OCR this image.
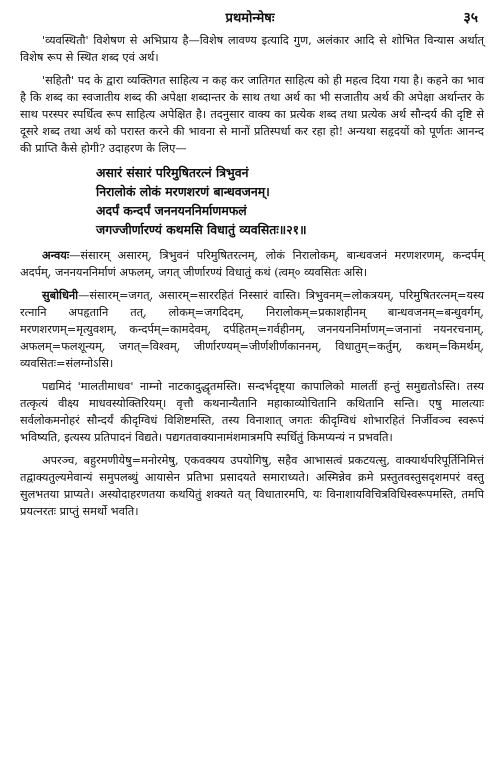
प्रथमोन्मेषः	३५

'व्यवस्थितौ' विशेषण से अभिप्राय है—विशेष लावण्य इत्यादि गुण, अलंकार आदि से शोभित विन्यास अर्थात् विशेष रूप से स्थित शब्द एवं अर्थ।

'सहितौ' पद के द्वारा व्यक्तिगत साहित्य न कह कर जातिगत साहित्य को ही महत्व दिया गया है। कहने का भाव है कि शब्द का स्वजातीय शब्द की अपेक्षा शब्दान्तर के साथ तथा अर्थ का भी सजातीय अर्थ की अपेक्षा अर्थान्तर के साथ परस्पर स्पर्धित्व रूप साहित्य अपेक्षित है। तदनुसार वाक्य का प्रत्येक शब्द तथा प्रत्येक अर्थ सौन्दर्य की दृष्टि से दूसरे शब्द तथा अर्थ को परास्त करने की भावना से मानों प्रतिस्पर्धा कर रहा हो! अन्यथा सहृदयों को पूर्णतः आनन्द की प्राप्ति कैसे होगी? उदाहरण के लिए—

असारं संसारं परिमुषितरत्नं त्रिभुवनं
निरालोकं लोकं मरणशरणं बान्धवजनम्।
अदर्पं कन्दर्पं जननयननिर्माणमफलं
जगज्जीर्णारण्यं कथमसि विधातुं व्यवसितः॥२१॥

अन्वयः—संसारम् असारम्, त्रिभुवनं परिमुषितरत्नम्, लोकं निरालोकम्, बान्धवजनं मरणशरणम्, कन्दर्पम् अदर्पम्, जननयननिर्माणं अफलम्, जगत् जीर्णारण्यं विधातुं कथं (त्वम्० व्यवसितः असि।

सुबोधिनी—संसारम्=जगत्, असारम्=साररहितं निस्सारं वास्ति। त्रिभुवनम्=लोकत्रयम्, परिमुषितरत्नम्=यस्य रत्नानि अपहृतानि तत्, लोकम्=जगदिदम्, निरालोकम्=प्रकाशहीनम् बान्धवजनम्=बन्धुवर्गम्, मरणशरणम्=मृत्युवशम्, कन्दर्पम्=कामदेवम्, दर्पहितम्=गर्वहीनम्, जननयननिर्माणम्=जनानां नयनरचनाम्, अफलम्=फलशून्यम्, जगत्=विश्वम्, जीर्णारण्यम्=जीर्णशीर्णकाननम्, विधातुम्=कर्तुम्, कथम्=किमर्थम्, व्यवसितः=संलग्नोऽसि।

पद्यमिदं 'मालतीमाधव' नाम्नो नाटकादुद्धृतमस्ति। सन्दर्भदृष्ट्या कापालिको मालतीं हन्तुं समुद्यतोऽस्ति। तस्य तत्कृत्यं वीक्ष्य माधवस्योक्तिरियम्। वृत्तौ कथनान्यैतानि महाकाव्योचितानि कथितानि सन्ति। एषु मालत्याः सर्वलोकमनोहरं सौन्दर्यं कीदृग्विधं विशिष्टमस्ति, तस्य विनाशात् जगतः कीदृग्विधं शोभारहितं निर्जीवञ्च स्वरूपं भविष्यति, इत्यस्य प्रतिपादनं विद्यते। पद्यगतवाक्यानामंशमात्रमपि स्पर्धितुं किमप्यन्यं न प्रभवति।

अपरञ्च, बहुरमणीयेषु=मनोरमेषु, एकवक्यय उपयोगिषु, सहैव आभासत्वं प्रकटयत्सु, वाक्यार्थपरिपूर्तिनिमित्तं तद्वाक्यतुल्यमेवान्यं समुपलब्धुं आयासेन प्रतिभा प्रसादयते समाराध्यते। अस्मिन्नेव क्रमे प्रस्तुतवस्तुसदृशमपरं वस्तु सुलभतया प्राप्यते। अस्योदाहरणतया कथयितुं शक्यते यत् विधातारमपि, यः विनाशायविचित्रविधिस्वरूपमस्ति, तमपि प्रयत्नरतः प्राप्तुं समर्थो भवति।
